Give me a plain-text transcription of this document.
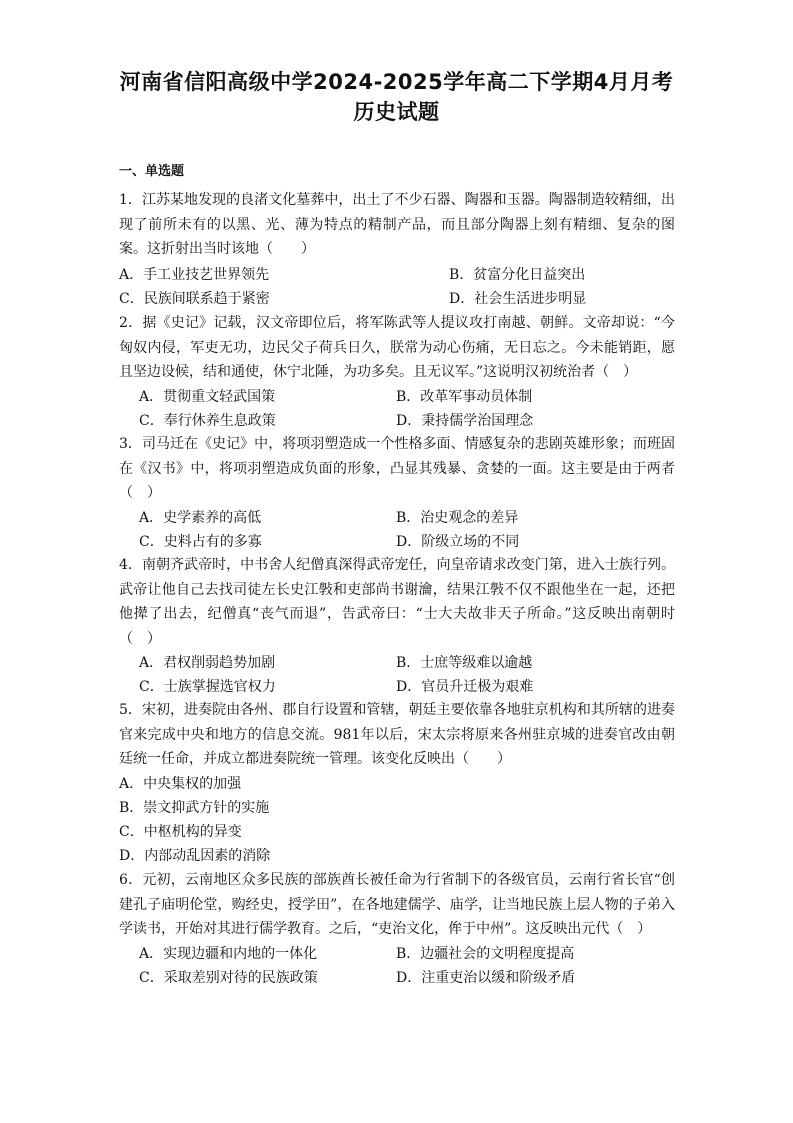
河南省信阳高级中学2024-2025学年高二下学期4月月考
历史试题
一、单选题
1．江苏某地发现的良渚文化墓葬中，出土了不少石器、陶器和玉器。陶器制造较精细，出现了前所未有的以黑、光、薄为特点的精制产品，而且部分陶器上刻有精细、复杂的图案。这折射出当时该地（　　）
A．手工业技艺世界领先	B．贫富分化日益突出
C．民族间联系趋于紧密	D．社会生活进步明显
2．据《史记》记载，汉文帝即位后，将军陈武等人提议攻打南越、朝鲜。文帝却说：“今匈奴内侵，军吏无功，边民父子荷兵日久，朕常为动心伤痛，无日忘之。今未能销距，愿且坚边设候，结和通使，休宁北陲，为功多矣。且无议军。”这说明汉初统治者（　）
A．贯彻重文轻武国策	B．改革军事动员体制
C．奉行休养生息政策	D．秉持儒学治国理念
3．司马迁在《史记》中，将项羽塑造成一个性格多面、情感复杂的悲剧英雄形象；而班固在《汉书》中，将项羽塑造成负面的形象，凸显其残暴、贪婪的一面。这主要是由于两者（　）
A．史学素养的高低	B．治史观念的差异
C．史料占有的多寡	D．阶级立场的不同
4．南朝齐武帝时，中书舍人纪僧真深得武帝宠任，向皇帝请求改变门第，进入士族行列。武帝让他自己去找司徒左长史江斅和吏部尚书谢瀹，结果江斅不仅不跟他坐在一起，还把他撵了出去，纪僧真“丧气而退”，告武帝曰：“士大夫故非天子所命。”这反映出南朝时（　）
A．君权削弱趋势加剧	B．士庶等级难以逾越
C．士族掌握选官权力	D．官员升迁极为艰难
5．宋初，进奏院由各州、郡自行设置和管辖，朝廷主要依靠各地驻京机构和其所辖的进奏官来完成中央和地方的信息交流。981年以后，宋太宗将原来各州驻京城的进奏官改由朝廷统一任命，并成立都进奏院统一管理。该变化反映出（　　）
A．中央集权的加强
B．崇文抑武方针的实施
C．中枢机构的异变
D．内部动乱因素的消除
6．元初，云南地区众多民族的部族酋长被任命为行省制下的各级官员，云南行省长官“创建孔子庙明伦堂，购经史，授学田”，在各地建儒学、庙学，让当地民族上层人物的子弟入学读书，开始对其进行儒学教育。之后，“吏治文化，侔于中州”。这反映出元代（　）
A．实现边疆和内地的一体化	B．边疆社会的文明程度提高
C．采取差别对待的民族政策	D．注重吏治以缓和阶级矛盾
